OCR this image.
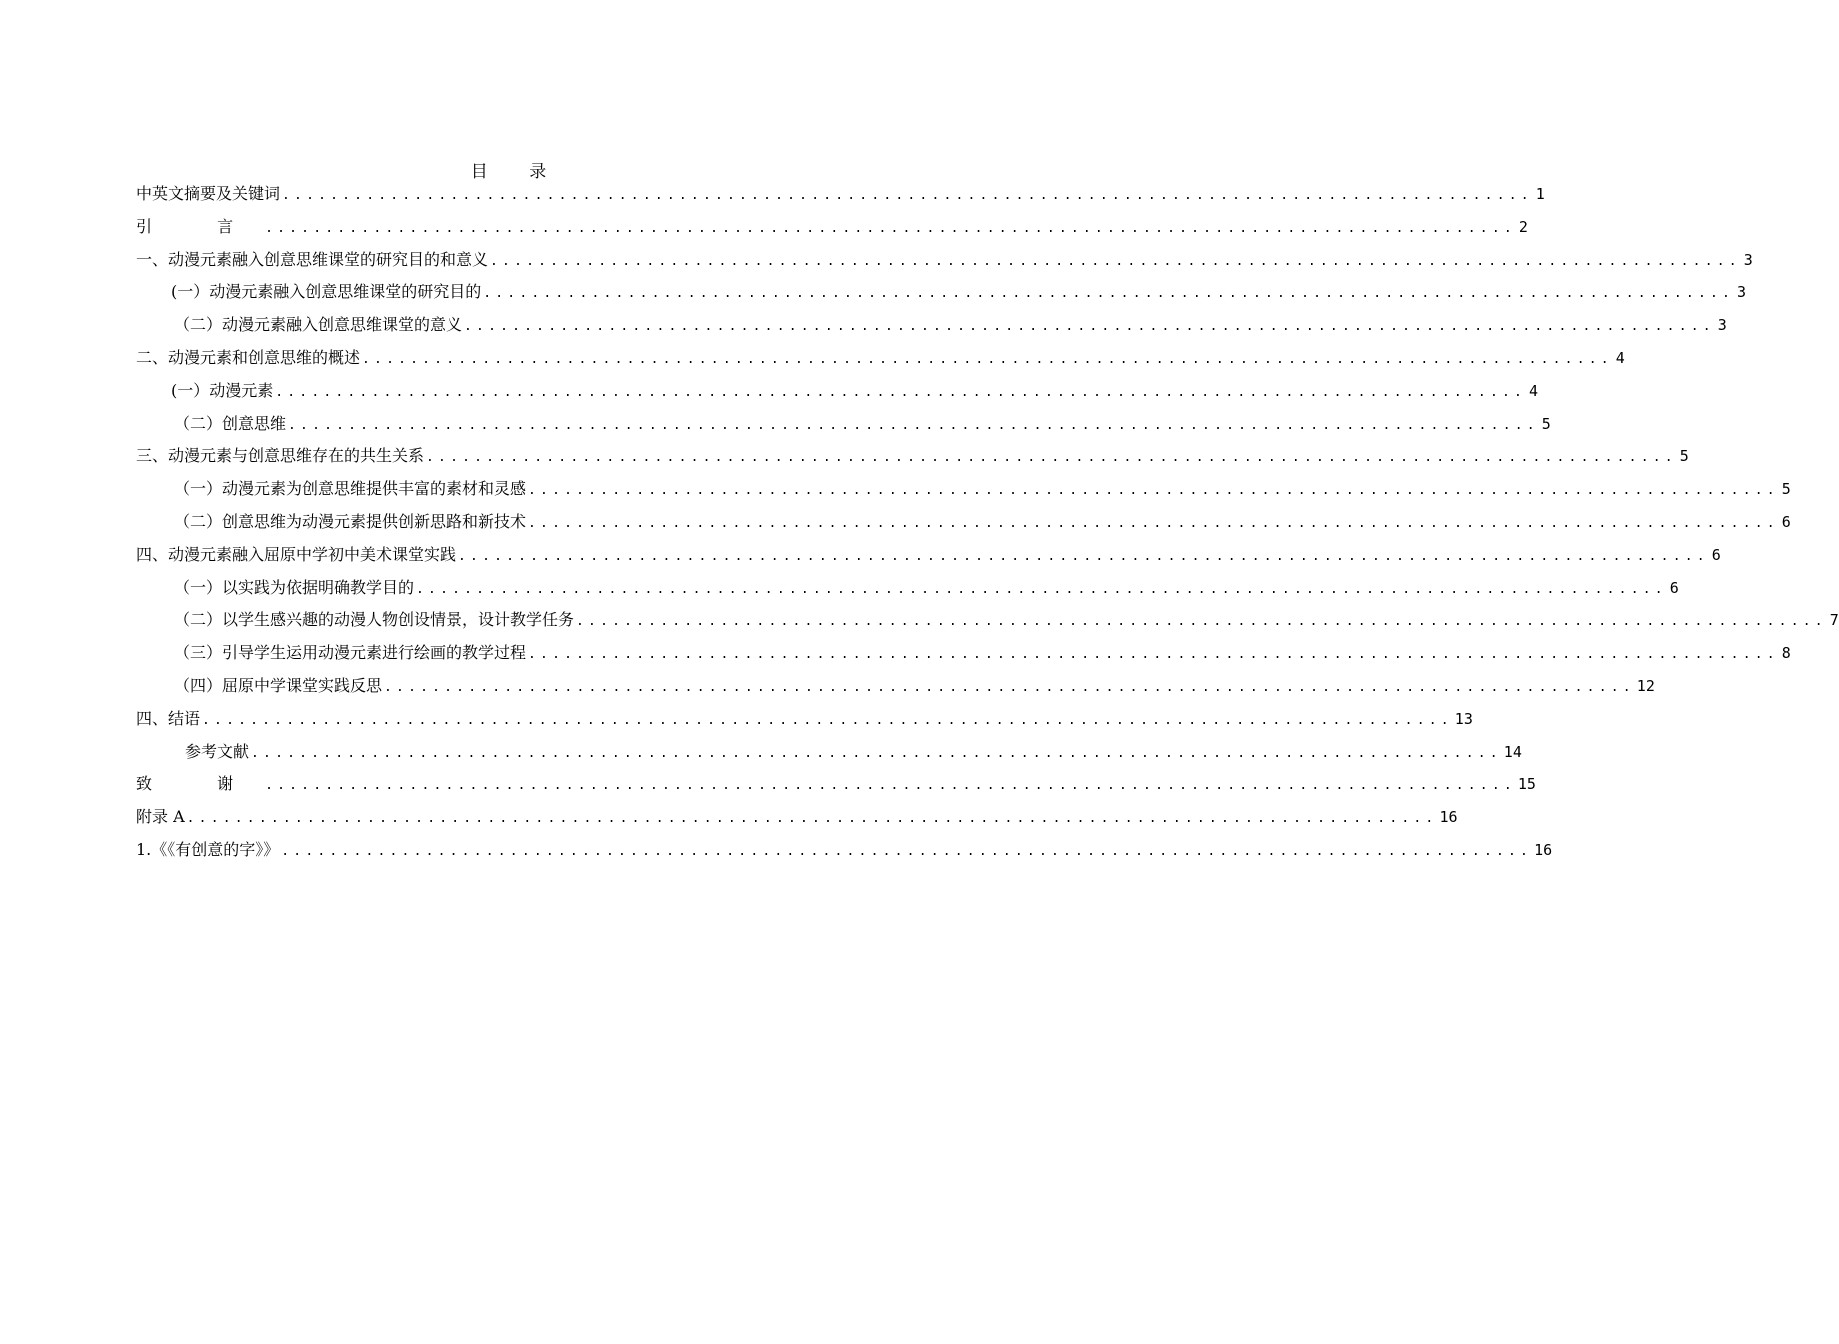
目 录
中英文摘要及关键词 ........................................................................................................ 1
引 言 ........................................................................................................ 2
一、动漫元素融入创意思维课堂的研究目的和意义 ........................................................................................................ 3
(一）动漫元素融入创意思维课堂的研究目的 ........................................................................................................ 3
（二）动漫元素融入创意思维课堂的意义 ........................................................................................................ 3
二、动漫元素和创意思维的概述 ........................................................................................................ 4
(一）动漫元素 ........................................................................................................ 4
（二）创意思维 ........................................................................................................ 5
三、动漫元素与创意思维存在的共生关系 ........................................................................................................ 5
（一）动漫元素为创意思维提供丰富的素材和灵感 ........................................................................................................ 5
（二）创意思维为动漫元素提供创新思路和新技术 ........................................................................................................ 6
四、动漫元素融入屈原中学初中美术课堂实践 ........................................................................................................ 6
（一）以实践为依据明确教学目的 ........................................................................................................ 6
（二）以学生感兴趣的动漫人物创设情景，设计教学任务 ........................................................................................................ 7
（三）引导学生运用动漫元素进行绘画的教学过程 ........................................................................................................ 8
（四）屈原中学课堂实践反思 ........................................................................................................ 12
四、结语 ........................................................................................................ 13
参考文献 ........................................................................................................ 14
致 谢 ........................................................................................................ 15
附录 A ........................................................................................................ 16
1.《《有创意的字》》 ........................................................................................................ 16
